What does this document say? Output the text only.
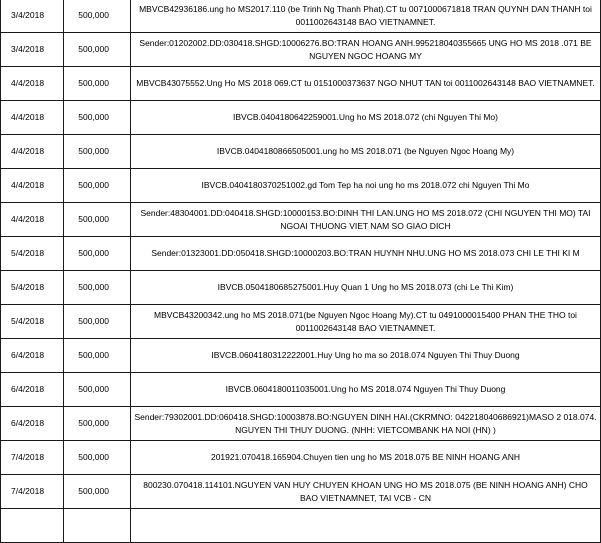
3/4/2018	500,000	MBVCB42936186.ung ho MS2017.110 (be Trinh Ng Thanh Phat).CT tu 0071000671818 TRAN QUYNH DAN THANH toi 0011002643148 BAO VIETNAMNET.
3/4/2018	500,000	Sender:01202002.DD:030418.SHGD:10006276.BO:TRAN HOANG ANH.995218040355665 UNG HO MS 2018 .071 BE NGUYEN NGOC HOANG MY
4/4/2018	500,000	MBVCB43075552.Ung Ho MS 2018 069.CT tu 0151000373637 NGO NHUT TAN toi 0011002643148 BAO VIETNAMNET.
4/4/2018	500,000	IBVCB.0404180642259001.Ung ho MS 2018.072 (chi Nguyen Thi Mo)
4/4/2018	500,000	IBVCB.0404180866505001.ung ho MS 2018.071 (be Nguyen Ngoc Hoang My)
4/4/2018	500,000	IBVCB.0404180370251002.gd Tom Tep ha noi ung ho ms 2018.072 chi Nguyen Thi Mo
4/4/2018	500,000	Sender:48304001.DD:040418.SHGD:10000153.BO:DINH THI LAN.UNG HO MS 2018.072 (CHI NGUYEN THI MO) TAI NGOAI THUONG VIET NAM SO GIAO DICH
5/4/2018	500,000	Sender:01323001.DD:050418.SHGD:10000203.BO:TRAN HUYNH NHU.UNG HO MS 2018.073 CHI LE THI KI M
5/4/2018	500,000	IBVCB.0504180685275001.Huy Quan 1 Ung ho MS 2018.073 (chi Le Thi Kim)
5/4/2018	500,000	MBVCB43200342.ung ho MS 2018.071(be Nguyen Ngoc Hoang My).CT tu 0491000015400 PHAN THE THO toi 0011002643148 BAO VIETNAMNET.
6/4/2018	500,000	IBVCB.0604180312222001.Huy Ung ho ma so 2018.074 Nguyen Thi Thuy Duong
6/4/2018	500,000	IBVCB.0604180011035001.Ung ho MS 2018.074 Nguyen Thi Thuy Duong
6/4/2018	500,000	Sender:79302001.DD:060418.SHGD:10003878.BO:NGUYEN DINH HAI.(CKRMNO: 042218040686921)MASO 2 018.074. NGUYEN THI THUY DUONG. (NHH: VIETCOMBANK HA NOI (HN) )
7/4/2018	500,000	201921.070418.165904.Chuyen tien ung ho MS 2018.075 BE NINH HOANG ANH
7/4/2018	500,000	800230.070418.114101.NGUYEN VAN HUY CHUYEN KHOAN UNG HO MS 2018.075 (BE NINH HOANG ANH) CHO BAO VIETNAMNET, TAI VCB - CN
